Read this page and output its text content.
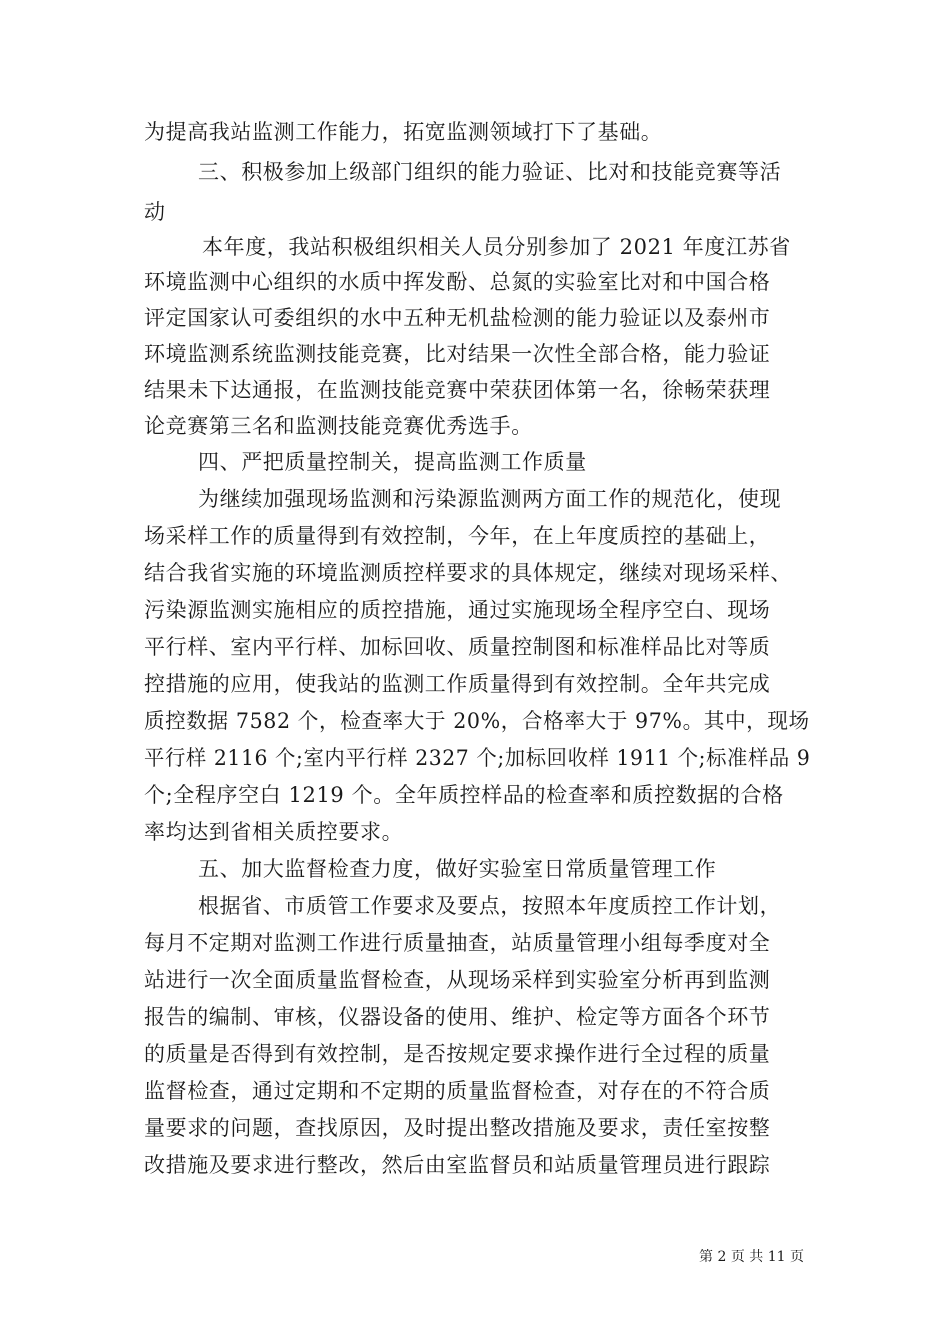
为提高我站监测工作能力，拓宽监测领域打下了基础。
三、积极参加上级部门组织的能力验证、比对和技能竞赛等活
动
本年度，我站积极组织相关人员分别参加了 2021 年度江苏省
环境监测中心组织的水质中挥发酚、总氮的实验室比对和中国合格
评定国家认可委组织的水中五种无机盐检测的能力验证以及泰州市
环境监测系统监测技能竞赛，比对结果一次性全部合格，能力验证
结果未下达通报，在监测技能竞赛中荣获团体第一名，徐畅荣获理
论竞赛第三名和监测技能竞赛优秀选手。
四、严把质量控制关，提高监测工作质量
为继续加强现场监测和污染源监测两方面工作的规范化，使现
场采样工作的质量得到有效控制，今年，在上年度质控的基础上，
结合我省实施的环境监测质控样要求的具体规定，继续对现场采样、
污染源监测实施相应的质控措施，通过实施现场全程序空白、现场
平行样、室内平行样、加标回收、质量控制图和标准样品比对等质
控措施的应用，使我站的监测工作质量得到有效控制。全年共完成
质控数据 7582 个，检查率大于 20%，合格率大于 97%。其中，现场
平行样 2116 个;室内平行样 2327 个;加标回收样 1911 个;标准样品 9
个;全程序空白 1219 个。全年质控样品的检查率和质控数据的合格
率均达到省相关质控要求。
五、加大监督检查力度，做好实验室日常质量管理工作
根据省、市质管工作要求及要点，按照本年度质控工作计划，
每月不定期对监测工作进行质量抽查，站质量管理小组每季度对全
站进行一次全面质量监督检查，从现场采样到实验室分析再到监测
报告的编制、审核，仪器设备的使用、维护、检定等方面各个环节
的质量是否得到有效控制，是否按规定要求操作进行全过程的质量
监督检查，通过定期和不定期的质量监督检查，对存在的不符合质
量要求的问题，查找原因，及时提出整改措施及要求，责任室按整
改措施及要求进行整改，然后由室监督员和站质量管理员进行跟踪
第 2 页 共 11 页
